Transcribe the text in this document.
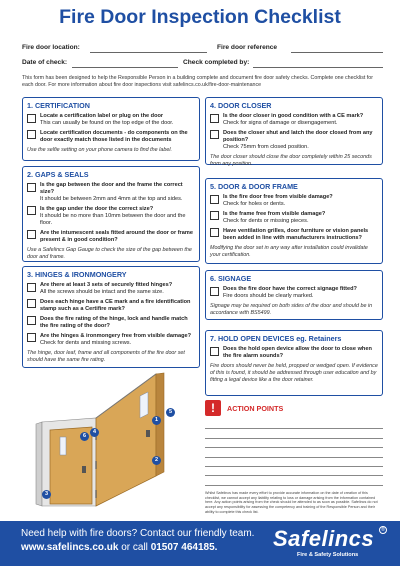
Fire Door Inspection Checklist
Fire door location:	Fire door reference
Date of check:	Check completed by:
This form has been designed to help the Responsible Person in a building complete and document fire door safety checks. Complete one checklist for each door. For more information about fire door inspections visit safelincs.co.uk/fire-door-maintenance
1. CERTIFICATION
Locate a certification label or plug on the door
This can usually be found on the top edge of the door.
Locate certification documents - do components on the door exactly match those listed in the documents
Use the selfie setting on your phone camera to find the label.
2. GAPS & SEALS
Is the gap between the door and the frame the correct size?
It should be between 2mm and 4mm at the top and sides.
Is the gap under the door the correct size?
It should be no more than 10mm between the door and the floor.
Are the intumescent seals fitted around the door or frame present & in good condition?
Use a Safelincs Gap Gauge to check the size of the gap between the door and frame.
3. HINGES & IRONMONGERY
Are there at least 3 sets of securely fitted hinges?
All the screws should be intact and the same size.
Does each hinge have a CE mark and a fire identification stamp such as a Certifire mark?
Does the fire rating of the hinge, lock and handle match the fire rating of the door?
Are the hinges & ironmongery free from visible damage?
Check for dents and missing screws.
The hinge, door leaf, frame and all components of the fire door set should have the same fire rating.
1
2
3
4
5
6
4. DOOR CLOSER
Is the door closer in good condition with a CE mark?
Check for signs of damage or disengagement.
Does the closer shut and latch the door closed from any position?
Check 75mm from closed position.
The door closer should close the door completely within 25 seconds from any position.
5. DOOR & DOOR FRAME
Is the fire door free from visible damage?
Check for holes or dents.
Is the frame free from visible damage?
Check for dents or missing pieces.
Have ventilation grilles, door furniture or vision panels been added in line with manufacturers instructions?
Modifying the door set in any way after installation could invalidate your certification.
6. SIGNAGE
Does the fire door have the correct signage fitted?
Fire doors should be clearly marked.
Signage may be required on both sides of the door and should be in accordance with BS5499.
7. HOLD OPEN DEVICES eg. Retainers
Does the hold open device allow the door to close when the fire alarm sounds?
Fire doors should never be held, propped or wedged open. If evidence of this is found, it should be addressed through user education and by fitting a legal device like a fire door retainer.
!	ACTION POINTS
Whilst Safelincs has made every effort to provide accurate information on the date of creation of this checklist, we cannot accept any liability relating to loss or damage arising from the information contained here. Any action points arising from the check should be attended to as soon as possible. Safelincs do not accept any responsibility for assessing the competency and training of the Responsible Person and their ability to complete this check list.
Need help with fire doors? Contact our friendly team.
www.safelincs.co.uk or call 01507 464185.	Safelincs
Fire & Safety Solutions
®
